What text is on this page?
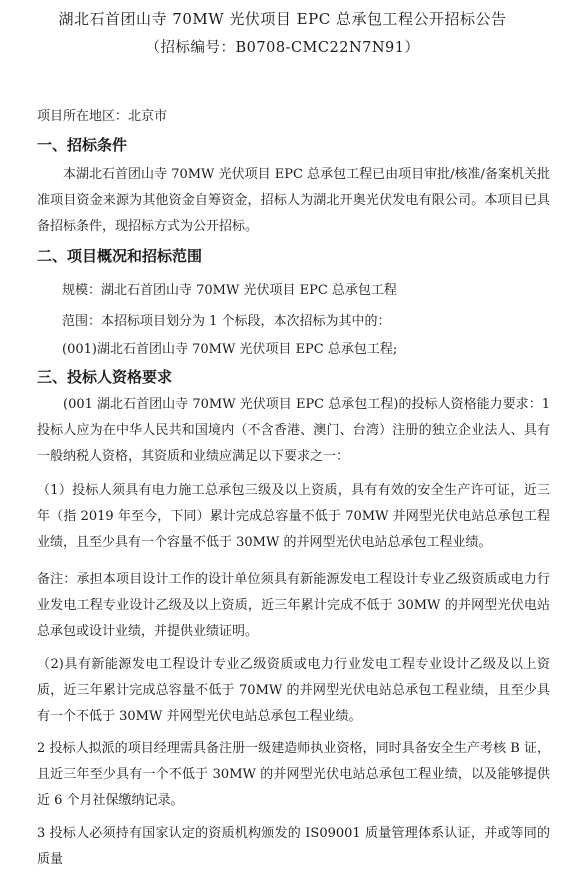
湖北石首团山寺 70MW 光伏项目 EPC 总承包工程公开招标公告
（招标编号：B0708-CMC22N7N91）
项目所在地区：北京市
一、招标条件
本湖北石首团山寺 70MW 光伏项目 EPC 总承包工程已由项目审批/核准/备案机关批准项目资金来源为其他资金自筹资金，招标人为湖北开奥光伏发电有限公司。本项目已具备招标条件，现招标方式为公开招标。
二、项目概况和招标范围
规模：湖北石首团山寺 70MW 光伏项目 EPC 总承包工程
范围：本招标项目划分为 1 个标段，本次招标为其中的：
(001)湖北石首团山寺 70MW 光伏项目 EPC 总承包工程;
三、投标人资格要求
(001 湖北石首团山寺 70MW 光伏项目 EPC 总承包工程)的投标人资格能力要求：1 投标人应为在中华人民共和国境内（不含香港、澳门、台湾）注册的独立企业法人、具有一般纳税人资格，其资质和业绩应满足以下要求之一：
（1）投标人须具有电力施工总承包三级及以上资质，具有有效的安全生产许可证，近三年（指 2019 年至今，下同）累计完成总容量不低于 70MW 并网型光伏电站总承包工程业绩，且至少具有一个容量不低于 30MW 的并网型光伏电站总承包工程业绩。
备注：承担本项目设计工作的设计单位须具有新能源发电工程设计专业乙级资质或电力行业发电工程专业设计乙级及以上资质，近三年累计完成不低于 30MW 的并网型光伏电站总承包或设计业绩，并提供业绩证明。
（2)具有新能源发电工程设计专业乙级资质或电力行业发电工程专业设计乙级及以上资质，近三年累计完成总容量不低于 70MW 的并网型光伏电站总承包工程业绩，且至少具有一个不低于 30MW 并网型光伏电站总承包工程业绩。
2 投标人拟派的项目经理需具备注册一级建造师执业资格，同时具备安全生产考核 B 证，且近三年至少具有一个不低于 30MW 的并网型光伏电站总承包工程业绩，以及能够提供近 6 个月社保缴纳记录。
3 投标人必须持有国家认定的资质机构颁发的 IS09001 质量管理体系认证，并或等同的质量
